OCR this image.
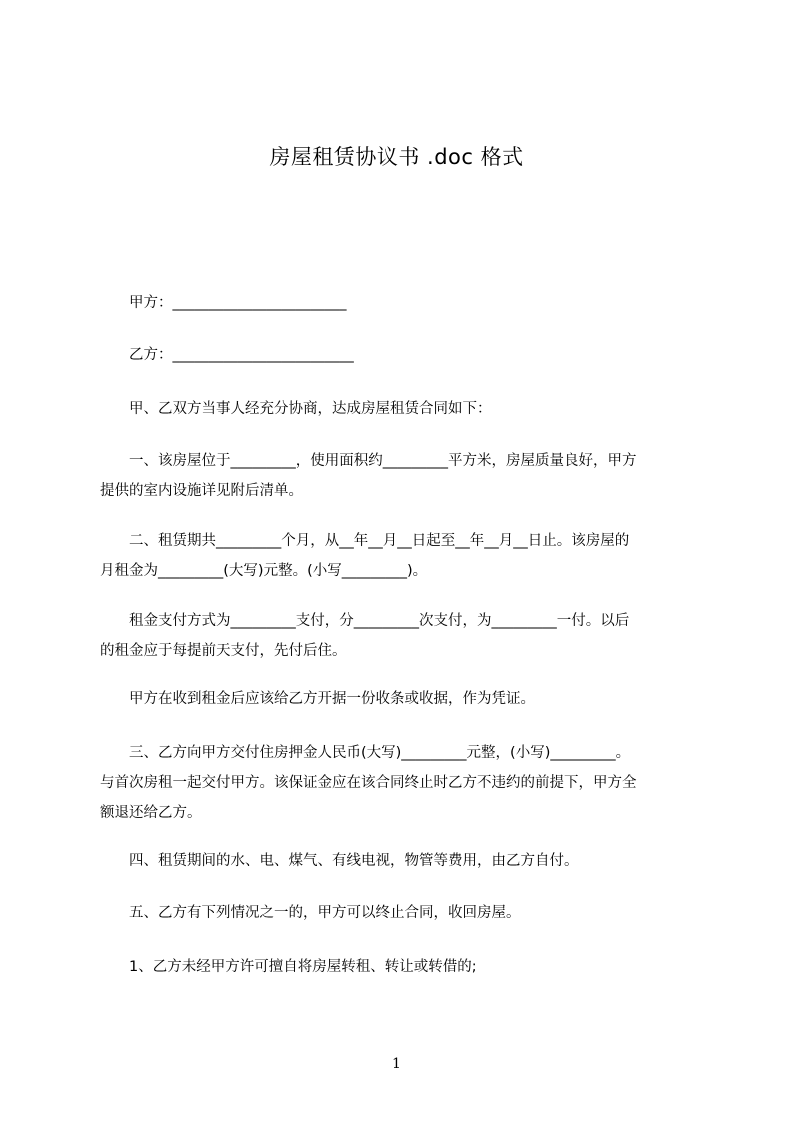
房屋租赁协议书 .doc 格式
　　甲方：________________________
　　乙方：_________________________
　　甲、乙双方当事人经充分协商，达成房屋租赁合同如下：
　　一、该房屋位于_________，使用面积约_________平方米，房屋质量良好，甲方
提供的室内设施详见附后清单。
　　二、租赁期共_________个月，从__年__月__日起至__年__月__日止。该房屋的
月租金为_________(大写)元整。(小写_________)。
　　租金支付方式为_________支付，分_________次支付，为_________一付。以后
的租金应于每提前天支付，先付后住。
　　甲方在收到租金后应该给乙方开据一份收条或收据，作为凭证。
　　三、乙方向甲方交付住房押金人民币(大写)_________元整，(小写)_________。
与首次房租一起交付甲方。该保证金应在该合同终止时乙方不违约的前提下，甲方全
额退还给乙方。
　　四、租赁期间的水、电、煤气、有线电视，物管等费用，由乙方自付。
　　五、乙方有下列情况之一的，甲方可以终止合同，收回房屋。
　　1、乙方未经甲方许可擅自将房屋转租、转让或转借的;
1
